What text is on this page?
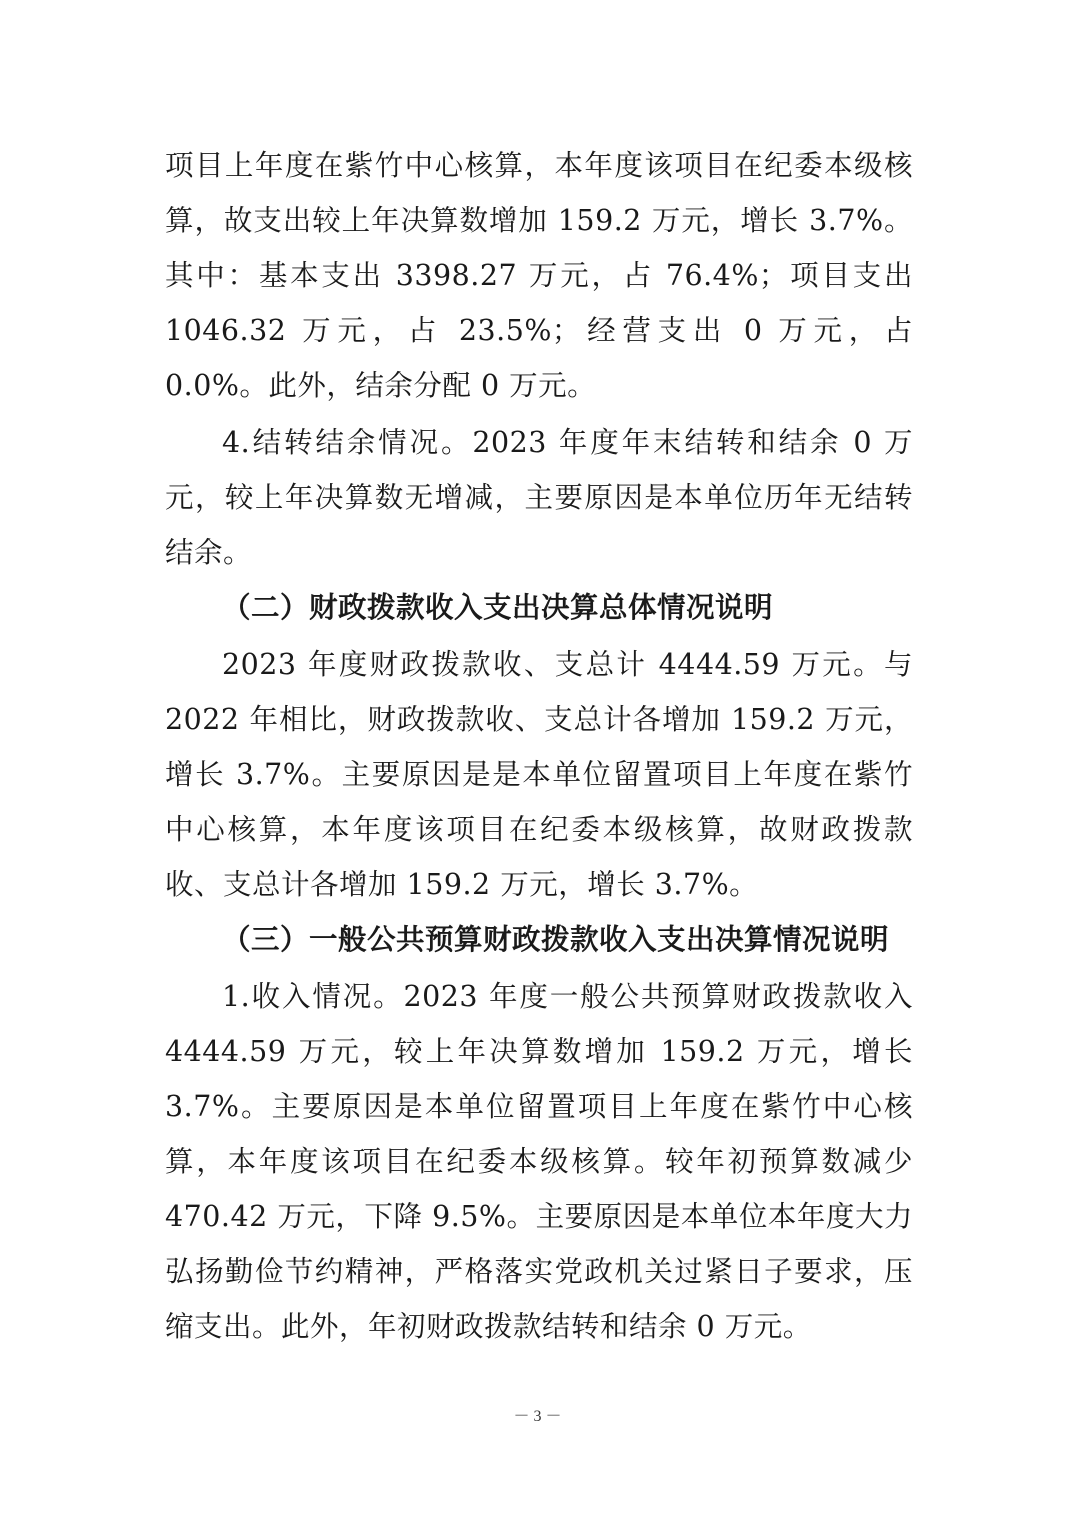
项目上年度在紫竹中心核算，本年度该项目在纪委本级核算，故支出较上年决算数增加 159.2 万元，增长 3.7%。其中：基本支出 3398.27 万元，占 76.4%；项目支出 1046.32 万元，占 23.5%；经营支出 0 万元，占 0.0%。此外，结余分配 0 万元。

4.结转结余情况。2023 年度年末结转和结余 0 万元，较上年决算数无增减，主要原因是本单位历年无结转结余。

（二）财政拨款收入支出决算总体情况说明

2023 年度财政拨款收、支总计 4444.59 万元。与 2022 年相比，财政拨款收、支总计各增加 159.2 万元，增长 3.7%。主要原因是是本单位留置项目上年度在紫竹中心核算，本年度该项目在纪委本级核算，故财政拨款收、支总计各增加 159.2 万元，增长 3.7%。

（三）一般公共预算财政拨款收入支出决算情况说明

1.收入情况。2023 年度一般公共预算财政拨款收入 4444.59 万元，较上年决算数增加 159.2 万元，增长 3.7%。主要原因是本单位留置项目上年度在紫竹中心核算，本年度该项目在纪委本级核算。较年初预算数减少 470.42 万元，下降 9.5%。主要原因是本单位本年度大力弘扬勤俭节约精神，严格落实党政机关过紧日子要求，压缩支出。此外，年初财政拨款结转和结余 0 万元。

－ 3 －
